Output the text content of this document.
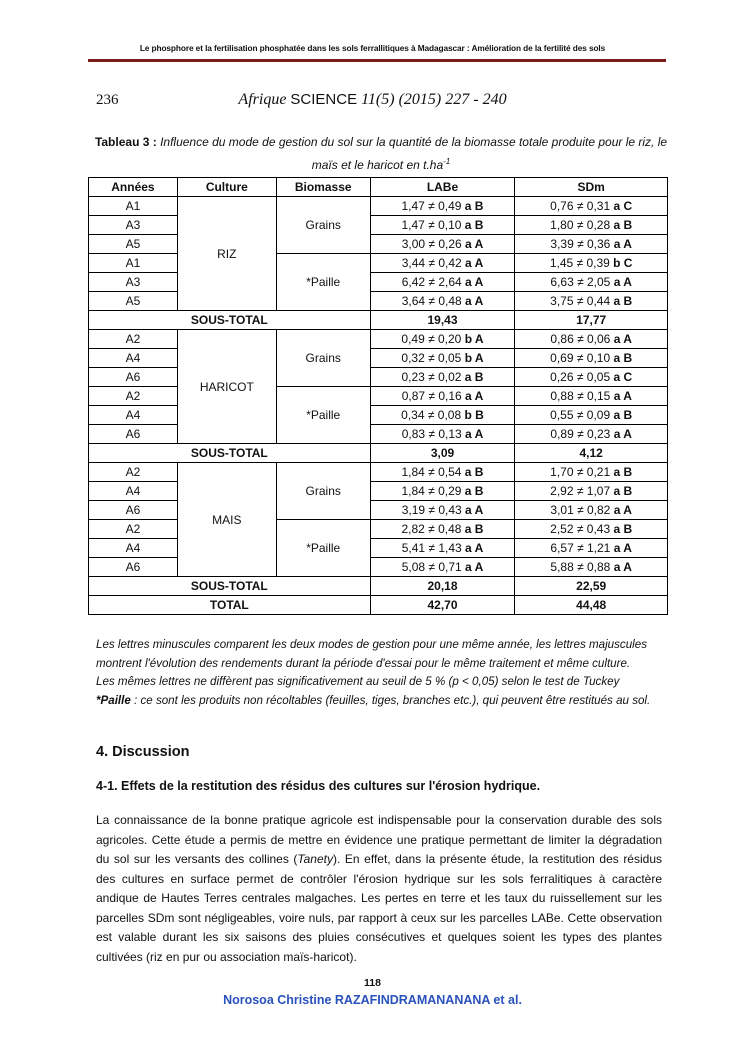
Le phosphore et la fertilisation phosphatée dans les sols ferrallitiques à Madagascar : Amélioration de la fertilité des sols
236	Afrique SCIENCE 11(5) (2015) 227 - 240
Tableau 3 : Influence du mode de gestion du sol sur la quantité de la biomasse totale produite pour le riz, le maïs et le haricot en $t.ha^{-1}$
Années	Culture	Biomasse	LABe	SDm
A1	RIZ	Grains	1,47 ≠ 0,49 a B	0,76 ≠ 0,31 a C
A3			1,47 ≠ 0,10 a B	1,80 ≠ 0,28 a B
A5			3,00 ≠ 0,26 a A	3,39 ≠ 0,36 a A
A1		*Paille	3,44 ≠ 0,42 a A	1,45 ≠ 0,39 b C
A3			6,42 ≠ 2,64 a A	6,63 ≠ 2,05 a A
A5			3,64 ≠ 0,48 a A	3,75 ≠ 0,44 a B
SOUS-TOTAL			19,43	17,77
A2	HARICOT	Grains	0,49 ≠ 0,20 b A	0,86 ≠ 0,06 a A
A4			0,32 ≠ 0,05 b A	0,69 ≠ 0,10 a B
A6			0,23 ≠ 0,02 a B	0,26 ≠ 0,05 a C
A2		*Paille	0,87 ≠ 0,16 a A	0,88 ≠ 0,15 a A
A4			0,34 ≠ 0,08 b B	0,55 ≠ 0,09 a B
A6			0,83 ≠ 0,13 a A	0,89 ≠ 0,23 a A
SOUS-TOTAL			3,09	4,12
A2	MAIS	Grains	1,84 ≠ 0,54 a B	1,70 ≠ 0,21 a B
A4			1,84 ≠ 0,29 a B	2,92 ≠ 1,07 a B
A6			3,19 ≠ 0,43 a A	3,01 ≠ 0,82 a A
A2		*Paille	2,82 ≠ 0,48 a B	2,52 ≠ 0,43 a B
A4			5,41 ≠ 1,43 a A	6,57 ≠ 1,21 a A
A6			5,08 ≠ 0,71 a A	5,88 ≠ 0,88 a A
SOUS-TOTAL			20,18	22,59
TOTAL			42,70	44,48
Les lettres minuscules comparent les deux modes de gestion pour une même année, les lettres majuscules montrent l'évolution des rendements durant la période d'essai pour le même traitement et même culture.
Les mêmes lettres ne diffèrent pas significativement au seuil de 5 % (p < 0,05) selon le test de Tuckey
*Paille : ce sont les produits non récoltables (feuilles, tiges, branches etc.), qui peuvent être restitués au sol.
4. Discussion
4-1. Effets de la restitution des résidus des cultures sur l'érosion hydrique.
La connaissance de la bonne pratique agricole est indispensable pour la conservation durable des sols agricoles. Cette étude a permis de mettre en évidence une pratique permettant de limiter la dégradation du sol sur les versants des collines (Tanety). En effet, dans la présente étude, la restitution des résidus des cultures en surface permet de contrôler l'érosion hydrique sur les sols ferralitiques à caractère andique de Hautes Terres centrales malgaches. Les pertes en terre et les taux du ruissellement sur les parcelles SDm sont négligeables, voire nuls, par rapport à ceux sur les parcelles LABe. Cette observation est valable durant les six saisons des pluies consécutives et quelques soient les types des plantes cultivées (riz en pur ou association maïs-haricot).
118
Norosoa Christine RAZAFINDRAMANANANA et al.
